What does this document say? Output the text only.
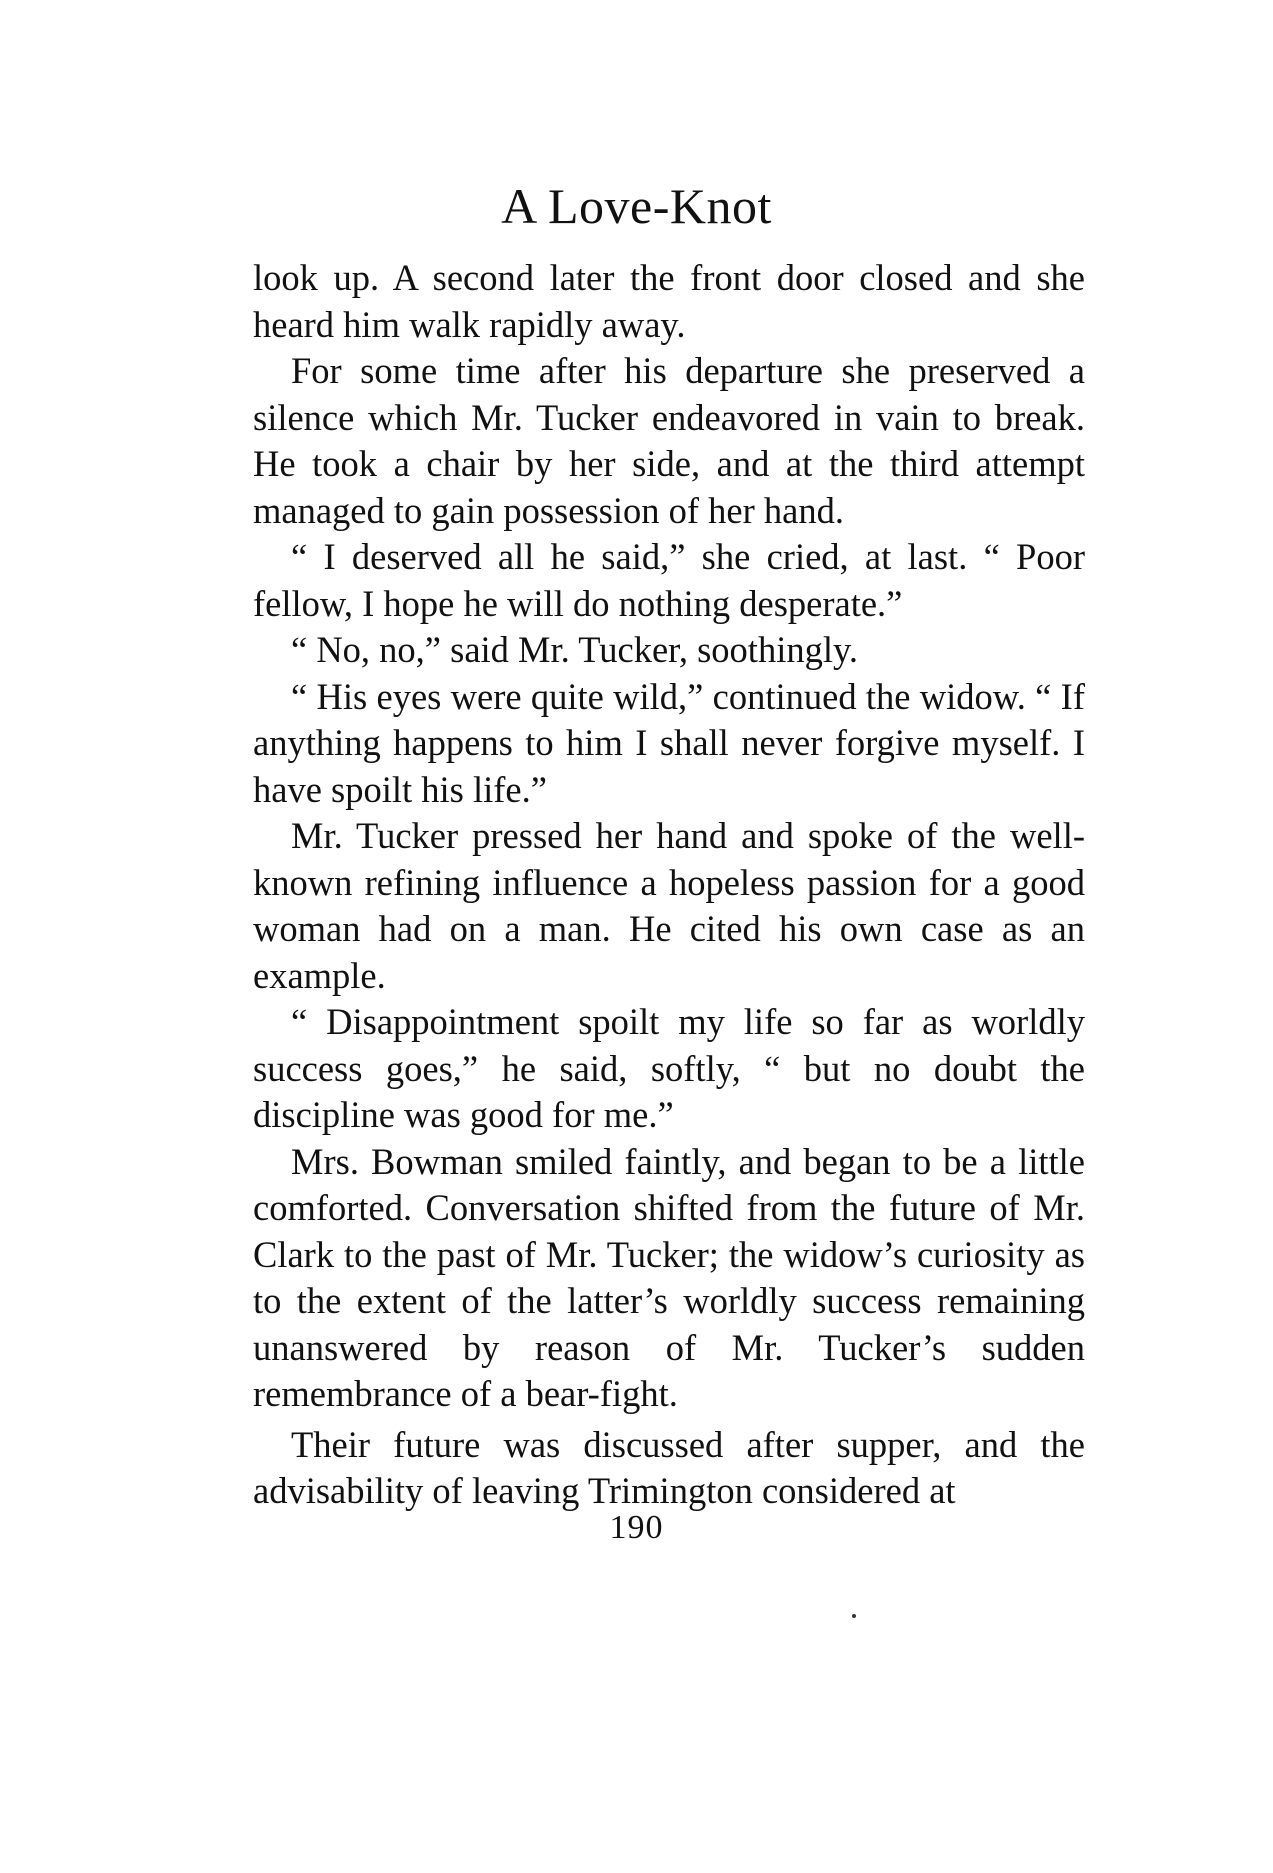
A Love-Knot

look up. A second later the front door closed and she heard him walk rapidly away.

For some time after his departure she preserved a silence which Mr. Tucker endeavored in vain to break. He took a chair by her side, and at the third attempt managed to gain possession of her hand.

“ I deserved all he said,” she cried, at last. “ Poor fellow, I hope he will do nothing desperate.”

“ No, no,” said Mr. Tucker, soothingly.

“ His eyes were quite wild,” continued the widow. “ If anything happens to him I shall never forgive myself. I have spoilt his life.”

Mr. Tucker pressed her hand and spoke of the well-known refining influence a hopeless passion for a good woman had on a man. He cited his own case as an example.

“ Disappointment spoilt my life so far as worldly success goes,” he said, softly, “ but no doubt the discipline was good for me.”

Mrs. Bowman smiled faintly, and began to be a little comforted. Conversation shifted from the future of Mr. Clark to the past of Mr. Tucker; the widow’s curiosity as to the extent of the latter’s worldly success remaining unanswered by reason of Mr. Tucker’s sudden remembrance of a bear-fight.

Their future was discussed after supper, and the advisability of leaving Trimington considered at

190
